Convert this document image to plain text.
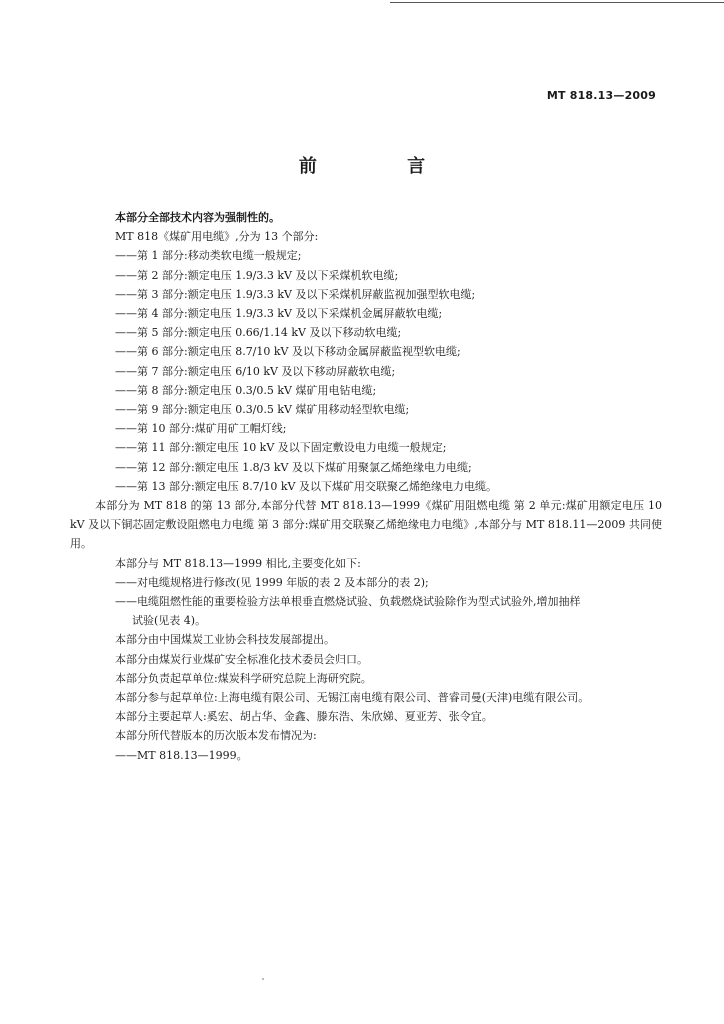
MT 818.13—2009
前 言

本部分全部技术内容为强制性的。

MT 818《煤矿用电缆》,分为 13 个部分:

——第 1 部分:移动类软电缆一般规定;

——第 2 部分:额定电压 1.9/3.3 kV 及以下采煤机软电缆;

——第 3 部分:额定电压 1.9/3.3 kV 及以下采煤机屏蔽监视加强型软电缆;

——第 4 部分:额定电压 1.9/3.3 kV 及以下采煤机金属屏蔽软电缆;

——第 5 部分:额定电压 0.66/1.14 kV 及以下移动软电缆;

——第 6 部分:额定电压 8.7/10 kV 及以下移动金属屏蔽监视型软电缆;

——第 7 部分:额定电压 6/10 kV 及以下移动屏蔽软电缆;

——第 8 部分:额定电压 0.3/0.5 kV 煤矿用电钻电缆;

——第 9 部分:额定电压 0.3/0.5 kV 煤矿用移动轻型软电缆;

——第 10 部分:煤矿用矿工帽灯线;

——第 11 部分:额定电压 10 kV 及以下固定敷设电力电缆一般规定;

——第 12 部分:额定电压 1.8/3 kV 及以下煤矿用聚氯乙烯绝缘电力电缆;

——第 13 部分:额定电压 8.7/10 kV 及以下煤矿用交联聚乙烯绝缘电力电缆。

本部分为 MT 818 的第 13 部分,本部分代替 MT 818.13—1999《煤矿用阻燃电缆 第 2 单元:煤矿用额定电压 10 kV 及以下铜芯固定敷设阻燃电力电缆 第 3 部分:煤矿用交联聚乙烯绝缘电力电缆》,本部分与 MT 818.11—2009 共同使用。

本部分与 MT 818.13—1999 相比,主要变化如下:

——对电缆规格进行修改(见 1999 年版的表 2 及本部分的表 2);

——电缆阻燃性能的重要检验方法单根垂直燃烧试验、负载燃烧试验除作为型式试验外,增加抽样

试验(见表 4)。

本部分由中国煤炭工业协会科技发展部提出。

本部分由煤炭行业煤矿安全标准化技术委员会归口。

本部分负责起草单位:煤炭科学研究总院上海研究院。

本部分参与起草单位:上海电缆有限公司、无锡江南电缆有限公司、普睿司曼(天津)电缆有限公司。

本部分主要起草人:奚宏、胡占华、金鑫、滕东浩、朱欣娣、夏亚芳、张令宜。

本部分所代替版本的历次版本发布情况为:

——MT 818.13—1999。
